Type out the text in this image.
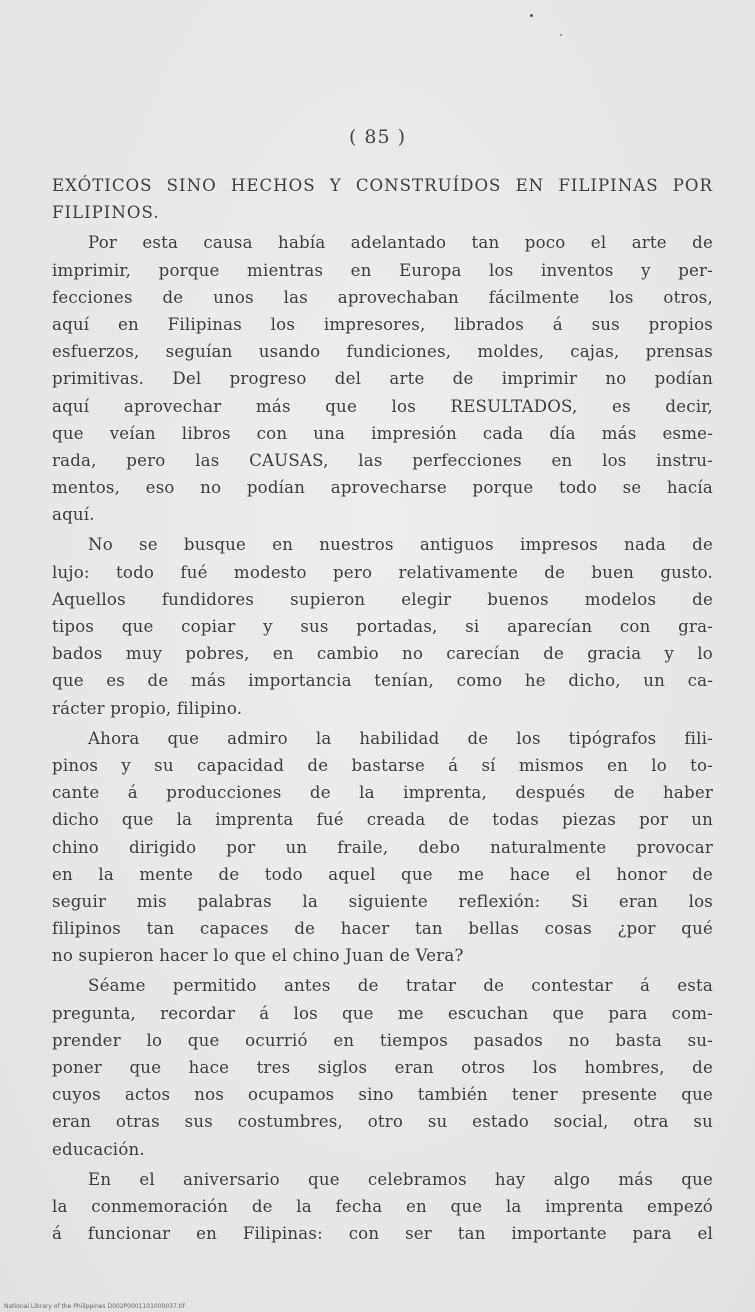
( 85 )
EXÓTICOS SINO HECHOS Y CONSTRUÍDOS EN FILIPINAS POR
FILIPINOS.
Por esta causa había adelantado tan poco el arte de
imprimir, porque mientras en Europa los inventos y per-
fecciones de unos las aprovechaban fácilmente los otros,
aquí en Filipinas los impresores, librados á sus propios
esfuerzos, seguían usando fundiciones, moldes, cajas, prensas
primitivas. Del progreso del arte de imprimir no podían
aquí aprovechar más que los RESULTADOS, es decir,
que veían libros con una impresión cada día más esme-
rada, pero las CAUSAS, las perfecciones en los instru-
mentos, eso no podían aprovecharse porque todo se hacía
aquí.
No se busque en nuestros antiguos impresos nada de
lujo: todo fué modesto pero relativamente de buen gusto.
Aquellos fundidores supieron elegir buenos modelos de
tipos que copiar y sus portadas, si aparecían con gra-
bados muy pobres, en cambio no carecían de gracia y lo
que es de más importancia tenían, como he dicho, un ca-
rácter propio, filipino.
Ahora que admiro la habilidad de los tipógrafos fili-
pinos y su capacidad de bastarse á sí mismos en lo to-
cante á producciones de la imprenta, después de haber
dicho que la imprenta fué creada de todas piezas por un
chino dirigido por un fraile, debo naturalmente provocar
en la mente de todo aquel que me hace el honor de
seguir mis palabras la siguiente reflexión: Si eran los
filipinos tan capaces de hacer tan bellas cosas ¿por qué
no supieron hacer lo que el chino Juan de Vera?
Séame permitido antes de tratar de contestar á esta
pregunta, recordar á los que me escuchan que para com-
prender lo que ocurrió en tiempos pasados no basta su-
poner que hace tres siglos eran otros los hombres, de
cuyos actos nos ocupamos sino también tener presente que
eran otras sus costumbres, otro su estado social, otra su
educación.
En el aniversario que celebramos hay algo más que
la conmemoración de la fecha en que la imprenta empezó
á funcionar en Filipinas: con ser tan importante para el
National Library of the Philippines D002P0001101000037.tif
